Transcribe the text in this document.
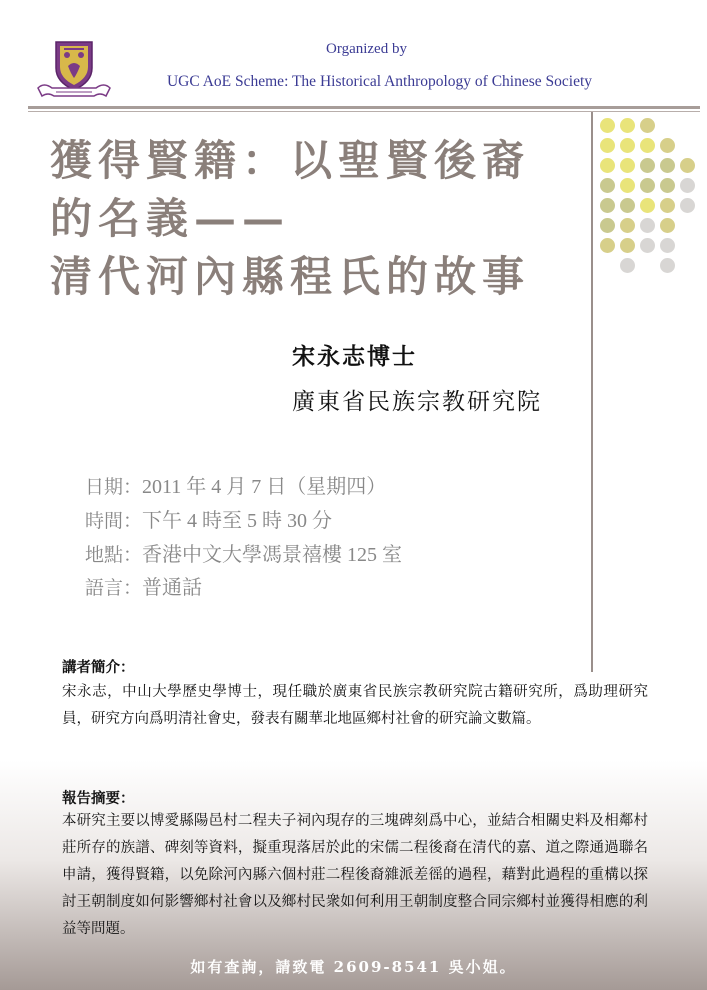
Organized by
UGC AoE Scheme: The Historical Anthropology of Chinese Society
獲得賢籍：以聖賢後裔
的名義——
清代河內縣程氏的故事
宋永志博士
廣東省民族宗教研究院
日期：2011 年 4 月 7 日（星期四）
時間：下午 4 時至 5 時 30 分
地點：香港中文大學馮景禧樓 125 室
語言：普通話
講者簡介：
宋永志，中山大學歷史學博士，現任職於廣東省民族宗教研究院古籍研究所，爲助理研究員，研究方向爲明清社會史，發表有關華北地區鄉村社會的研究論文數篇。
報告摘要：
本研究主要以博愛縣陽邑村二程夫子祠內現存的三塊碑刻爲中心，並結合相關史料及相鄰村莊所存的族譜、碑刻等資料，擬重現落居於此的宋儒二程後裔在清代的嘉、道之際通過聯名申請，獲得賢籍，以免除河內縣六個村莊二程後裔雜派差徭的過程，藉對此過程的重構以探討王朝制度如何影響鄉村社會以及鄉村民衆如何利用王朝制度整合同宗鄉村並獲得相應的利益等問題。
如有查詢，請致電 2609-8541 吳小姐。
